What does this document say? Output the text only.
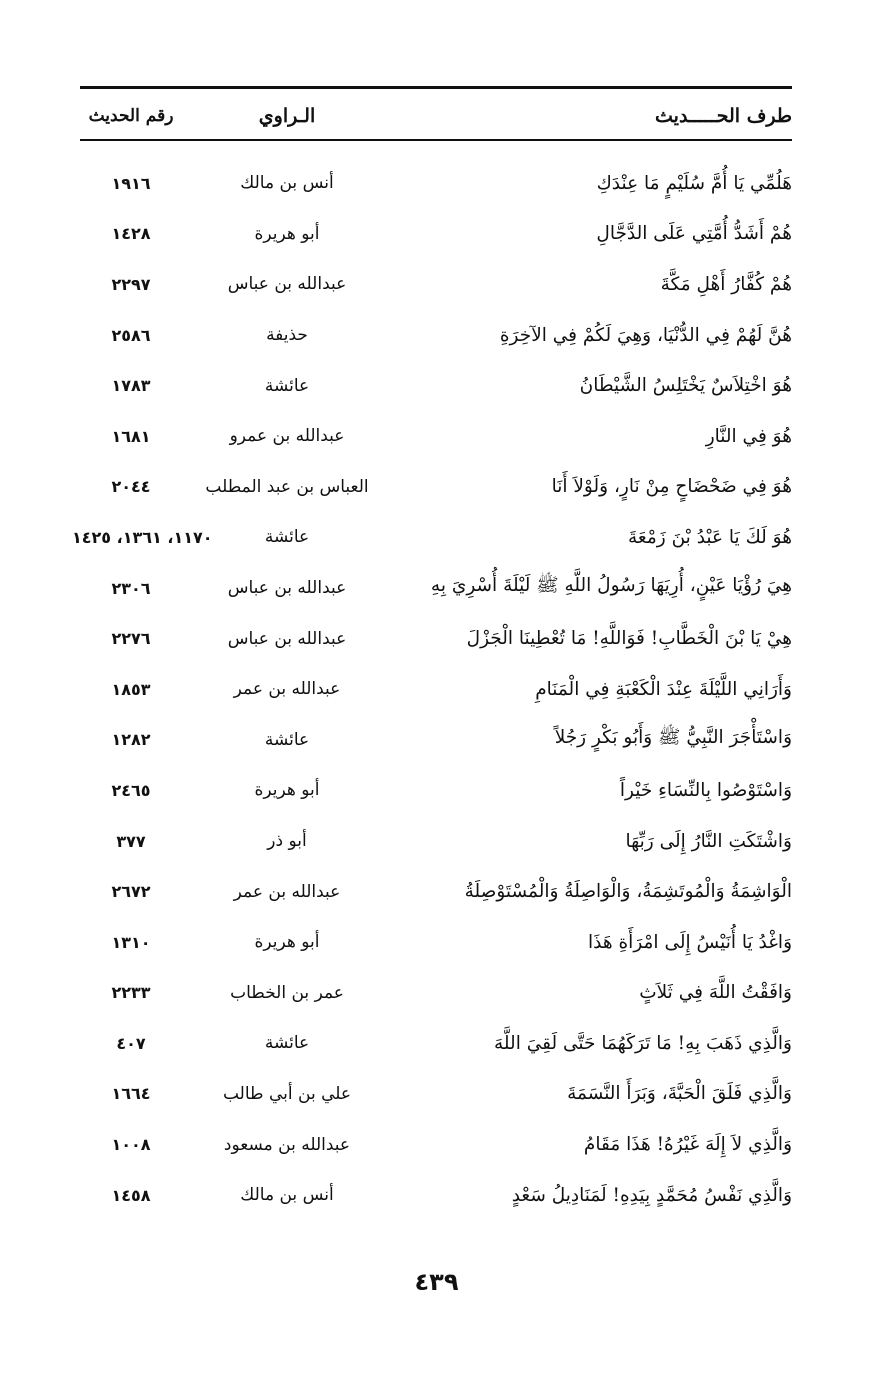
طرف الحـــــديث
الـراوي
رقم الحديث
هَلُمِّي يَا أُمَّ سُلَيْمٍ مَا عِنْدَكِ
أنس بن مالك
١٩١٦
هُمْ أَشَدُّ أُمَّتِي عَلَى الدَّجَّالِ
أبو هريرة
١٤٢٨
هُمْ كُفَّارُ أَهْلِ مَكَّةَ
عبدالله بن عباس
٢٢٩٧
هُنَّ لَهُمْ فِي الدُّنْيَا، وَهِيَ لَكُمْ فِي الآخِرَةِ
حذيفة
٢٥٨٦
هُوَ اخْتِلاَسٌ يَخْتَلِسُ الشَّيْطَانُ
عائشة
١٧٨٣
هُوَ فِي النَّارِ
عبدالله بن عمرو
١٦٨١
هُوَ فِي ضَحْضَاحٍ مِنْ نَارٍ، وَلَوْلاَ أَنَا
العباس بن عبد المطلب
٢٠٤٤
هُوَ لَكَ يَا عَبْدُ بْنَ زَمْعَةَ
عائشة
١١٧٠، ١٣٦١، ١٤٢٥
هِيَ رُؤْيَا عَيْنٍ، أُرِيَهَا رَسُولُ اللَّهِ ﷺ لَيْلَةَ أُسْرِيَ بِهِ
عبدالله بن عباس
٢٣٠٦
هِيْ يَا بْنَ الْخَطَّابِ! فَوَاللَّهِ! مَا تُعْطِينَا الْجَزْلَ
عبدالله بن عباس
٢٢٧٦
وَأَرَانِي اللَّيْلَةَ عِنْدَ الْكَعْبَةِ فِي الْمَنَامِ
عبدالله بن عمر
١٨٥٣
وَاسْتَأْجَرَ النَّبِيُّ ﷺ وَأَبُو بَكْرٍ رَجُلاً
عائشة
١٢٨٢
وَاسْتَوْصُوا بِالنِّسَاءِ خَيْراً
أبو هريرة
٢٤٦٥
وَاشْتَكَتِ النَّارُ إِلَى رَبِّهَا
أبو ذر
٣٧٧
الْوَاشِمَةُ وَالْمُوتَشِمَةُ، وَالْوَاصِلَةُ وَالْمُسْتَوْصِلَةُ
عبدالله بن عمر
٢٦٧٢
وَاغْدُ يَا أُنَيْسُ إِلَى امْرَأَةِ هَذَا
أبو هريرة
١٣١٠
وَافَقْتُ اللَّهَ فِي ثَلاَثٍ
عمر بن الخطاب
٢٢٣٣
وَالَّذِي ذَهَبَ بِهِ! مَا تَرَكَهُمَا حَتَّى لَقِيَ اللَّهَ
عائشة
٤٠٧
وَالَّذِي فَلَقَ الْحَبَّةَ، وَبَرَأَ النَّسَمَةَ
علي بن أبي طالب
١٦٦٤
وَالَّذِي لاَ إِلَهَ غَيْرُهُ! هَذَا مَقَامُ
عبدالله بن مسعود
١٠٠٨
وَالَّذِي نَفْسُ مُحَمَّدٍ بِيَدِهِ! لَمَنَادِيلُ سَعْدٍ
أنس بن مالك
١٤٥٨
٤٣٩
